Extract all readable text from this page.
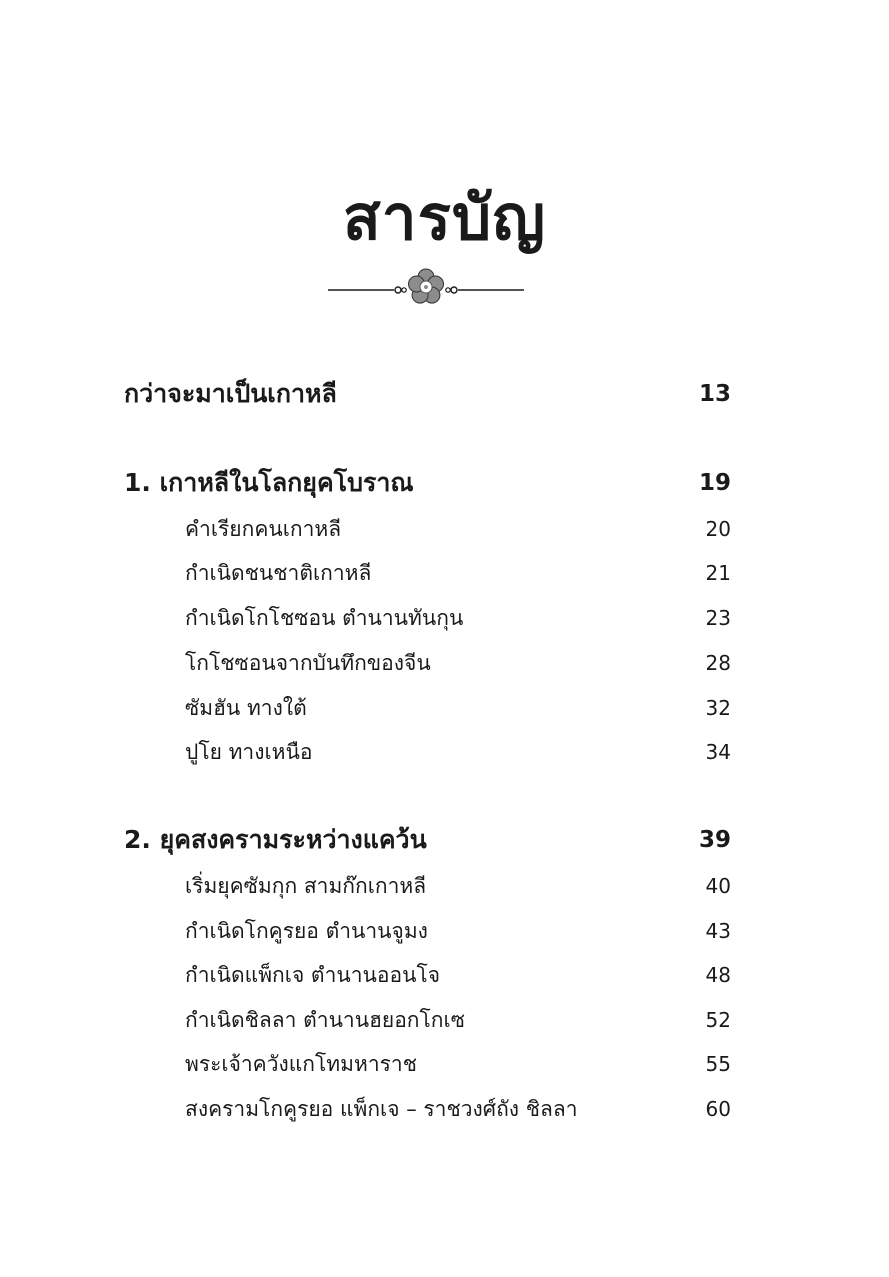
สารบัญ
กว่าจะมาเป็นเกาหลี	13
1. เกาหลีในโลกยุคโบราณ	19
คำเรียกคนเกาหลี	20
กำเนิดชนชาติเกาหลี	21
กำเนิดโกโชซอน ตำนานทันกุน	23
โกโชซอนจากบันทึกของจีน	28
ซัมฮัน ทางใต้	32
ปูโย ทางเหนือ	34
2. ยุคสงครามระหว่างแคว้น	39
เริ่มยุคซัมกุก สามก๊กเกาหลี	40
กำเนิดโกคูรยอ ตำนานจูมง	43
กำเนิดแพ็กเจ ตำนานออนโจ	48
กำเนิดชิลลา ตำนานฮยอกโกเซ	52
พระเจ้าควังแกโทมหาราช	55
สงครามโกคูรยอ แพ็กเจ – ราชวงศ์ถัง ชิลลา	60
